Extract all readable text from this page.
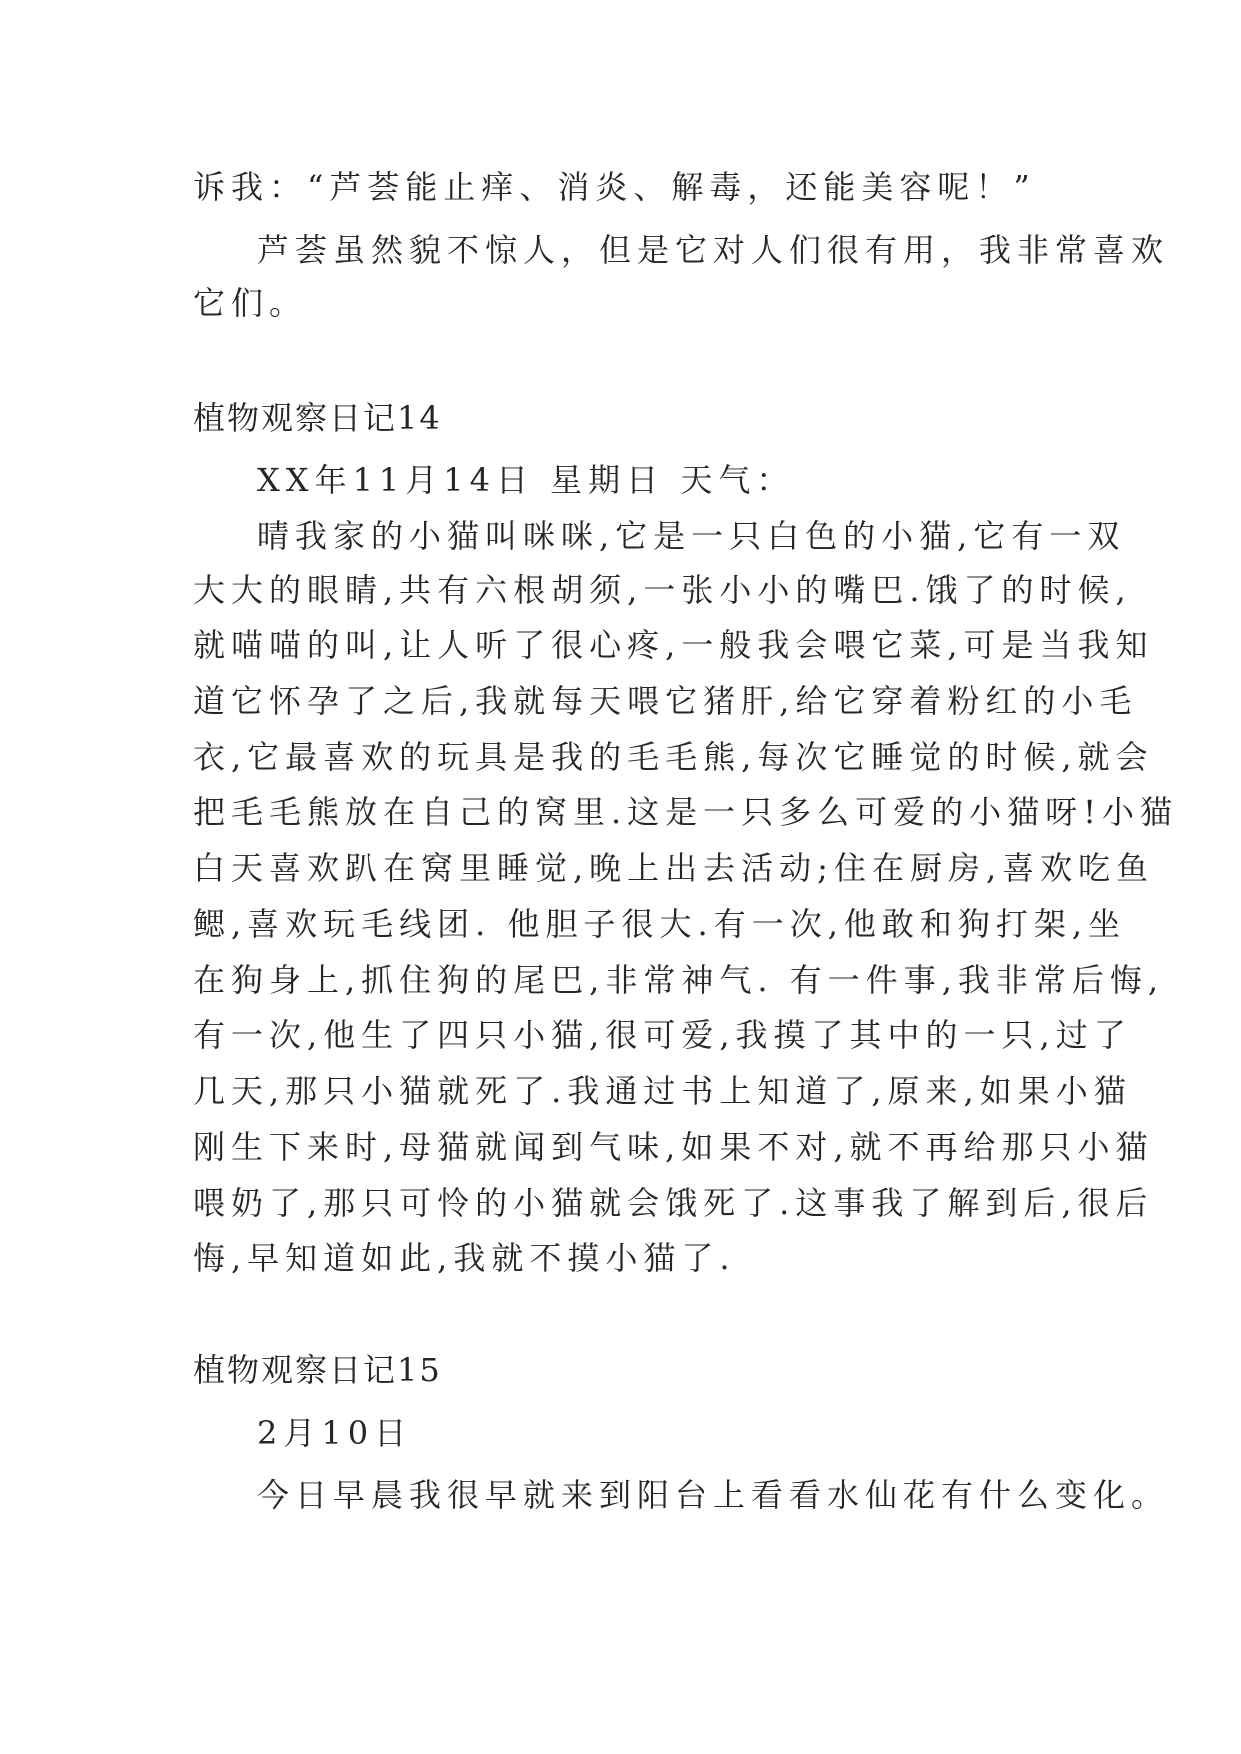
诉我：“芦荟能止痒、消炎、解毒，还能美容呢！”
芦荟虽然貌不惊人，但是它对人们很有用，我非常喜欢
它们。
植物观察日记14
XX年11月14日 星期日 天气：
晴我家的小猫叫咪咪,它是一只白色的小猫,它有一双
大大的眼睛,共有六根胡须,一张小小的嘴巴.饿了的时候,
就喵喵的叫,让人听了很心疼,一般我会喂它菜,可是当我知
道它怀孕了之后,我就每天喂它猪肝,给它穿着粉红的小毛
衣,它最喜欢的玩具是我的毛毛熊,每次它睡觉的时候,就会
把毛毛熊放在自己的窝里.这是一只多么可爱的小猫呀!小猫
白天喜欢趴在窝里睡觉,晚上出去活动;住在厨房,喜欢吃鱼
鳃,喜欢玩毛线团. 他胆子很大.有一次,他敢和狗打架,坐
在狗身上,抓住狗的尾巴,非常神气. 有一件事,我非常后悔,
有一次,他生了四只小猫,很可爱,我摸了其中的一只,过了
几天,那只小猫就死了.我通过书上知道了,原来,如果小猫
刚生下来时,母猫就闻到气味,如果不对,就不再给那只小猫
喂奶了,那只可怜的小猫就会饿死了.这事我了解到后,很后
悔,早知道如此,我就不摸小猫了.
植物观察日记15
2月10日
今日早晨我很早就来到阳台上看看水仙花有什么变化。
